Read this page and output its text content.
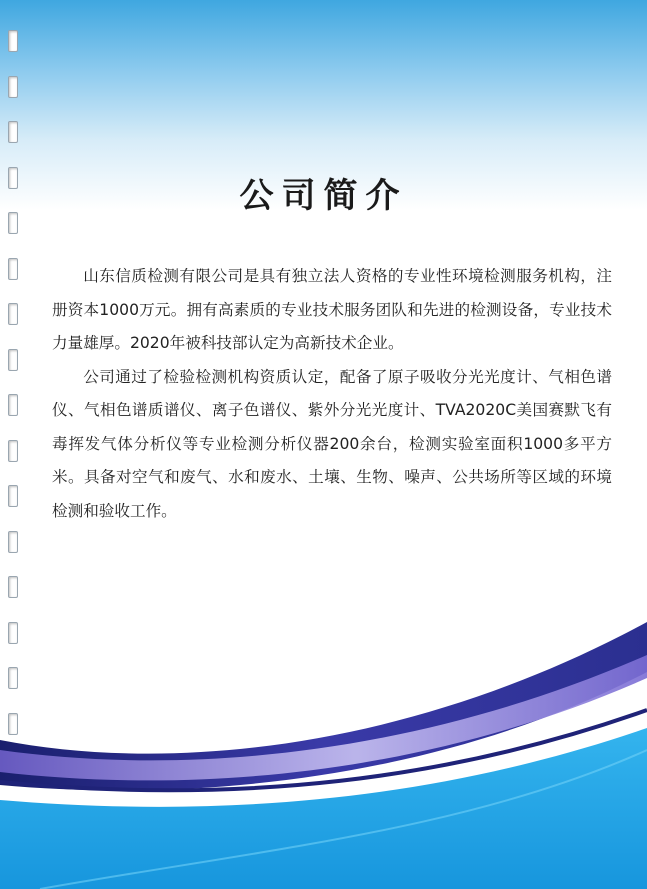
公司简介

山东信质检测有限公司是具有独立法人资格的专业性环境检测服务机构，注册资本1000万元。拥有高素质的专业技术服务团队和先进的检测设备，专业技术力量雄厚。2020年被科技部认定为高新技术企业。

公司通过了检验检测机构资质认定，配备了原子吸收分光光度计、气相色谱仪、气相色谱质谱仪、离子色谱仪、紫外分光光度计、TVA2020C美国赛默飞有毒挥发气体分析仪等专业检测分析仪器200余台，检测实验室面积1000多平方米。具备对空气和废气、水和废水、土壤、生物、噪声、公共场所等区域的环境检测和验收工作。
